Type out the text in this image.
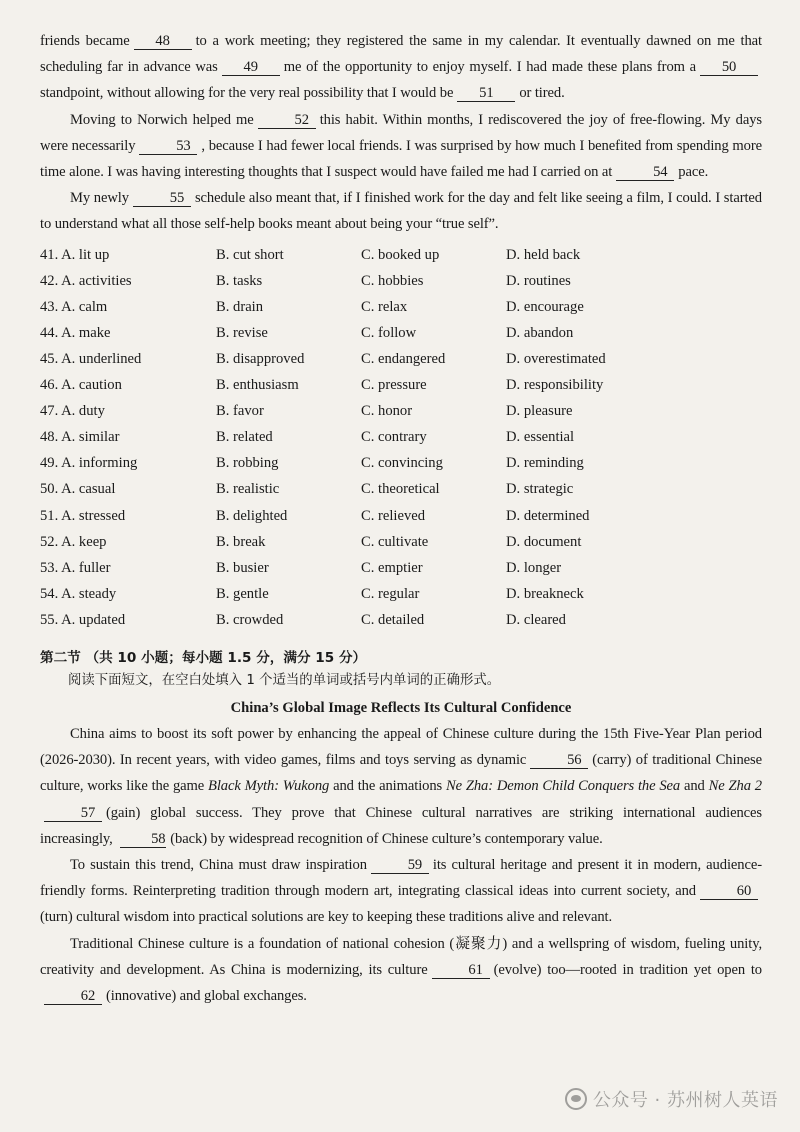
friends became 48 to a work meeting; they registered the same in my calendar. It eventually dawned on me that scheduling far in advance was 49 me of the opportunity to enjoy myself. I had made these plans from a 50standpoint, without allowing for the very real possibility that I would be 51 or tired.

Moving to Norwich helped me	52 this habit. Within months, I rediscovered the joy of free-flowing. My days were necessarily	53 , because I had fewer local friends. I was surprised by how much I benefited from spending more time alone. I was having interesting thoughts that I suspect would have failed me had I carried on at	54 pace.

My newly	55 schedule also meant that, if I finished work for the day and felt like seeing a film, I could. I started to understand what all those self-help books meant about being your “true self”.

41. A. lit up	B. cut short	C. booked up	D. held back
42. A. activities	B. tasks	C. hobbies	D. routines
43. A. calm	B. drain	C. relax	D. encourage
44. A. make	B. revise	C. follow	D. abandon
45. A. underlined	B. disapproved	C. endangered	D. overestimated
46. A. caution	B. enthusiasm	C. pressure	D. responsibility
47. A. duty	B. favor	C. honor	D. pleasure
48. A. similar	B. related	C. contrary	D. essential
49. A. informing	B. robbing	C. convincing	D. reminding
50. A. casual	B. realistic	C. theoretical	D. strategic
51. A. stressed	B. delighted	C. relieved	D. determined
52. A. keep	B. break	C. cultivate	D. document
53. A. fuller	B. busier	C. emptier	D. longer
54. A. steady	B. gentle	C. regular	D. breakneck
55. A. updated	B. crowded	C. detailed	D. cleared
第二节 （共 10 小题；每小题 1.5 分，满分 15 分）
阅读下面短文，在空白处填入 1 个适当的单词或括号内单词的正确形式。
China’s Global Image Reflects Its Cultural Confidence

China aims to boost its soft power by enhancing the appeal of Chinese culture during the 15th Five-Year Plan period (2026-2030). In recent years, with video games, films and toys serving as dynamic	56 (carry) of traditional Chinese culture, works like the game Black Myth: Wukong and the animations Ne Zha: Demon Child Conquers the Sea and Ne Zha 257 (gain) global success. They prove that Chinese cultural narratives are striking international audiences increasingly,	58 (back) by widespread recognition of Chinese culture’s contemporary value.

To sustain this trend, China must draw inspiration	59 its cultural heritage and present it in modern, audience-friendly forms. Reinterpreting tradition through modern art, integrating classical ideas into current society, and	60(turn) cultural wisdom into practical solutions are key to keeping these traditions alive and relevant.

Traditional Chinese culture is a foundation of national cohesion (凝聚力) and a wellspring of wisdom, fueling unity, creativity and development. As China is modernizing, its culture	61 (evolve) too—rooted in tradition yet open to62 (innovative) and global exchanges.

公众号 · 苏州树人英语
